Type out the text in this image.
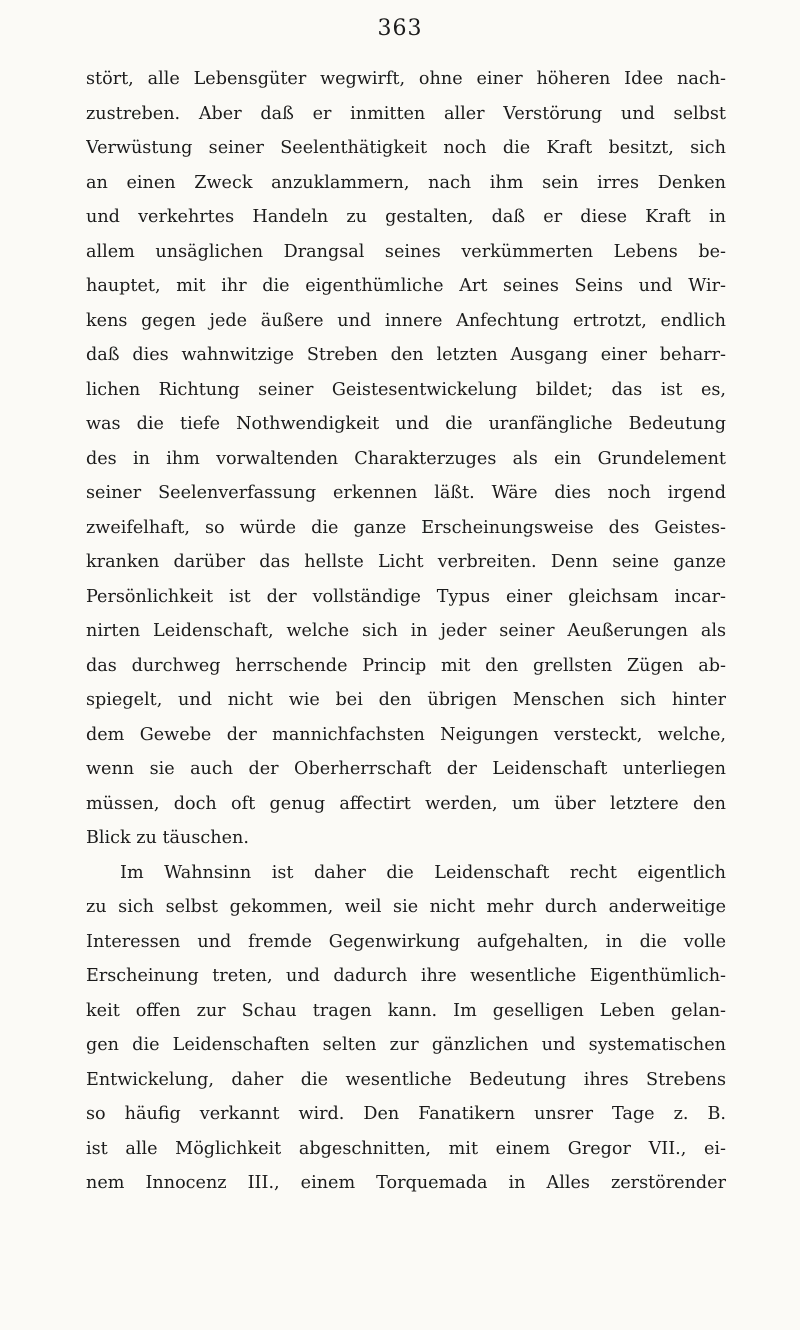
363
stört, alle Lebensgüter wegwirft, ohne einer höheren Idee nach-
zustreben. Aber daß er inmitten aller Verstörung und selbst
Verwüstung seiner Seelenthätigkeit noch die Kraft besitzt, sich
an einen Zweck anzuklammern, nach ihm sein irres Denken
und verkehrtes Handeln zu gestalten, daß er diese Kraft in
allem unsäglichen Drangsal seines verkümmerten Lebens be-
hauptet, mit ihr die eigenthümliche Art seines Seins und Wir-
kens gegen jede äußere und innere Anfechtung ertrotzt, endlich
daß dies wahnwitzige Streben den letzten Ausgang einer beharr-
lichen Richtung seiner Geistesentwickelung bildet; das ist es,
was die tiefe Nothwendigkeit und die uranfängliche Bedeutung
des in ihm vorwaltenden Charakterzuges als ein Grundelement
seiner Seelenverfassung erkennen läßt. Wäre dies noch irgend
zweifelhaft, so würde die ganze Erscheinungsweise des Geistes-
kranken darüber das hellste Licht verbreiten. Denn seine ganze
Persönlichkeit ist der vollständige Typus einer gleichsam incar-
nirten Leidenschaft, welche sich in jeder seiner Aeußerungen als
das durchweg herrschende Princip mit den grellsten Zügen ab-
spiegelt, und nicht wie bei den übrigen Menschen sich hinter
dem Gewebe der mannichfachsten Neigungen versteckt, welche,
wenn sie auch der Oberherrschaft der Leidenschaft unterliegen
müssen, doch oft genug affectirt werden, um über letztere den
Blick zu täuschen.
Im Wahnsinn ist daher die Leidenschaft recht eigentlich
zu sich selbst gekommen, weil sie nicht mehr durch anderweitige
Interessen und fremde Gegenwirkung aufgehalten, in die volle
Erscheinung treten, und dadurch ihre wesentliche Eigenthümlich-
keit offen zur Schau tragen kann. Im geselligen Leben gelan-
gen die Leidenschaften selten zur gänzlichen und systematischen
Entwickelung, daher die wesentliche Bedeutung ihres Strebens
so häufig verkannt wird. Den Fanatikern unsrer Tage z. B.
ist alle Möglichkeit abgeschnitten, mit einem Gregor VII., ei-
nem Innocenz III., einem Torquemada in Alles zerstörender
